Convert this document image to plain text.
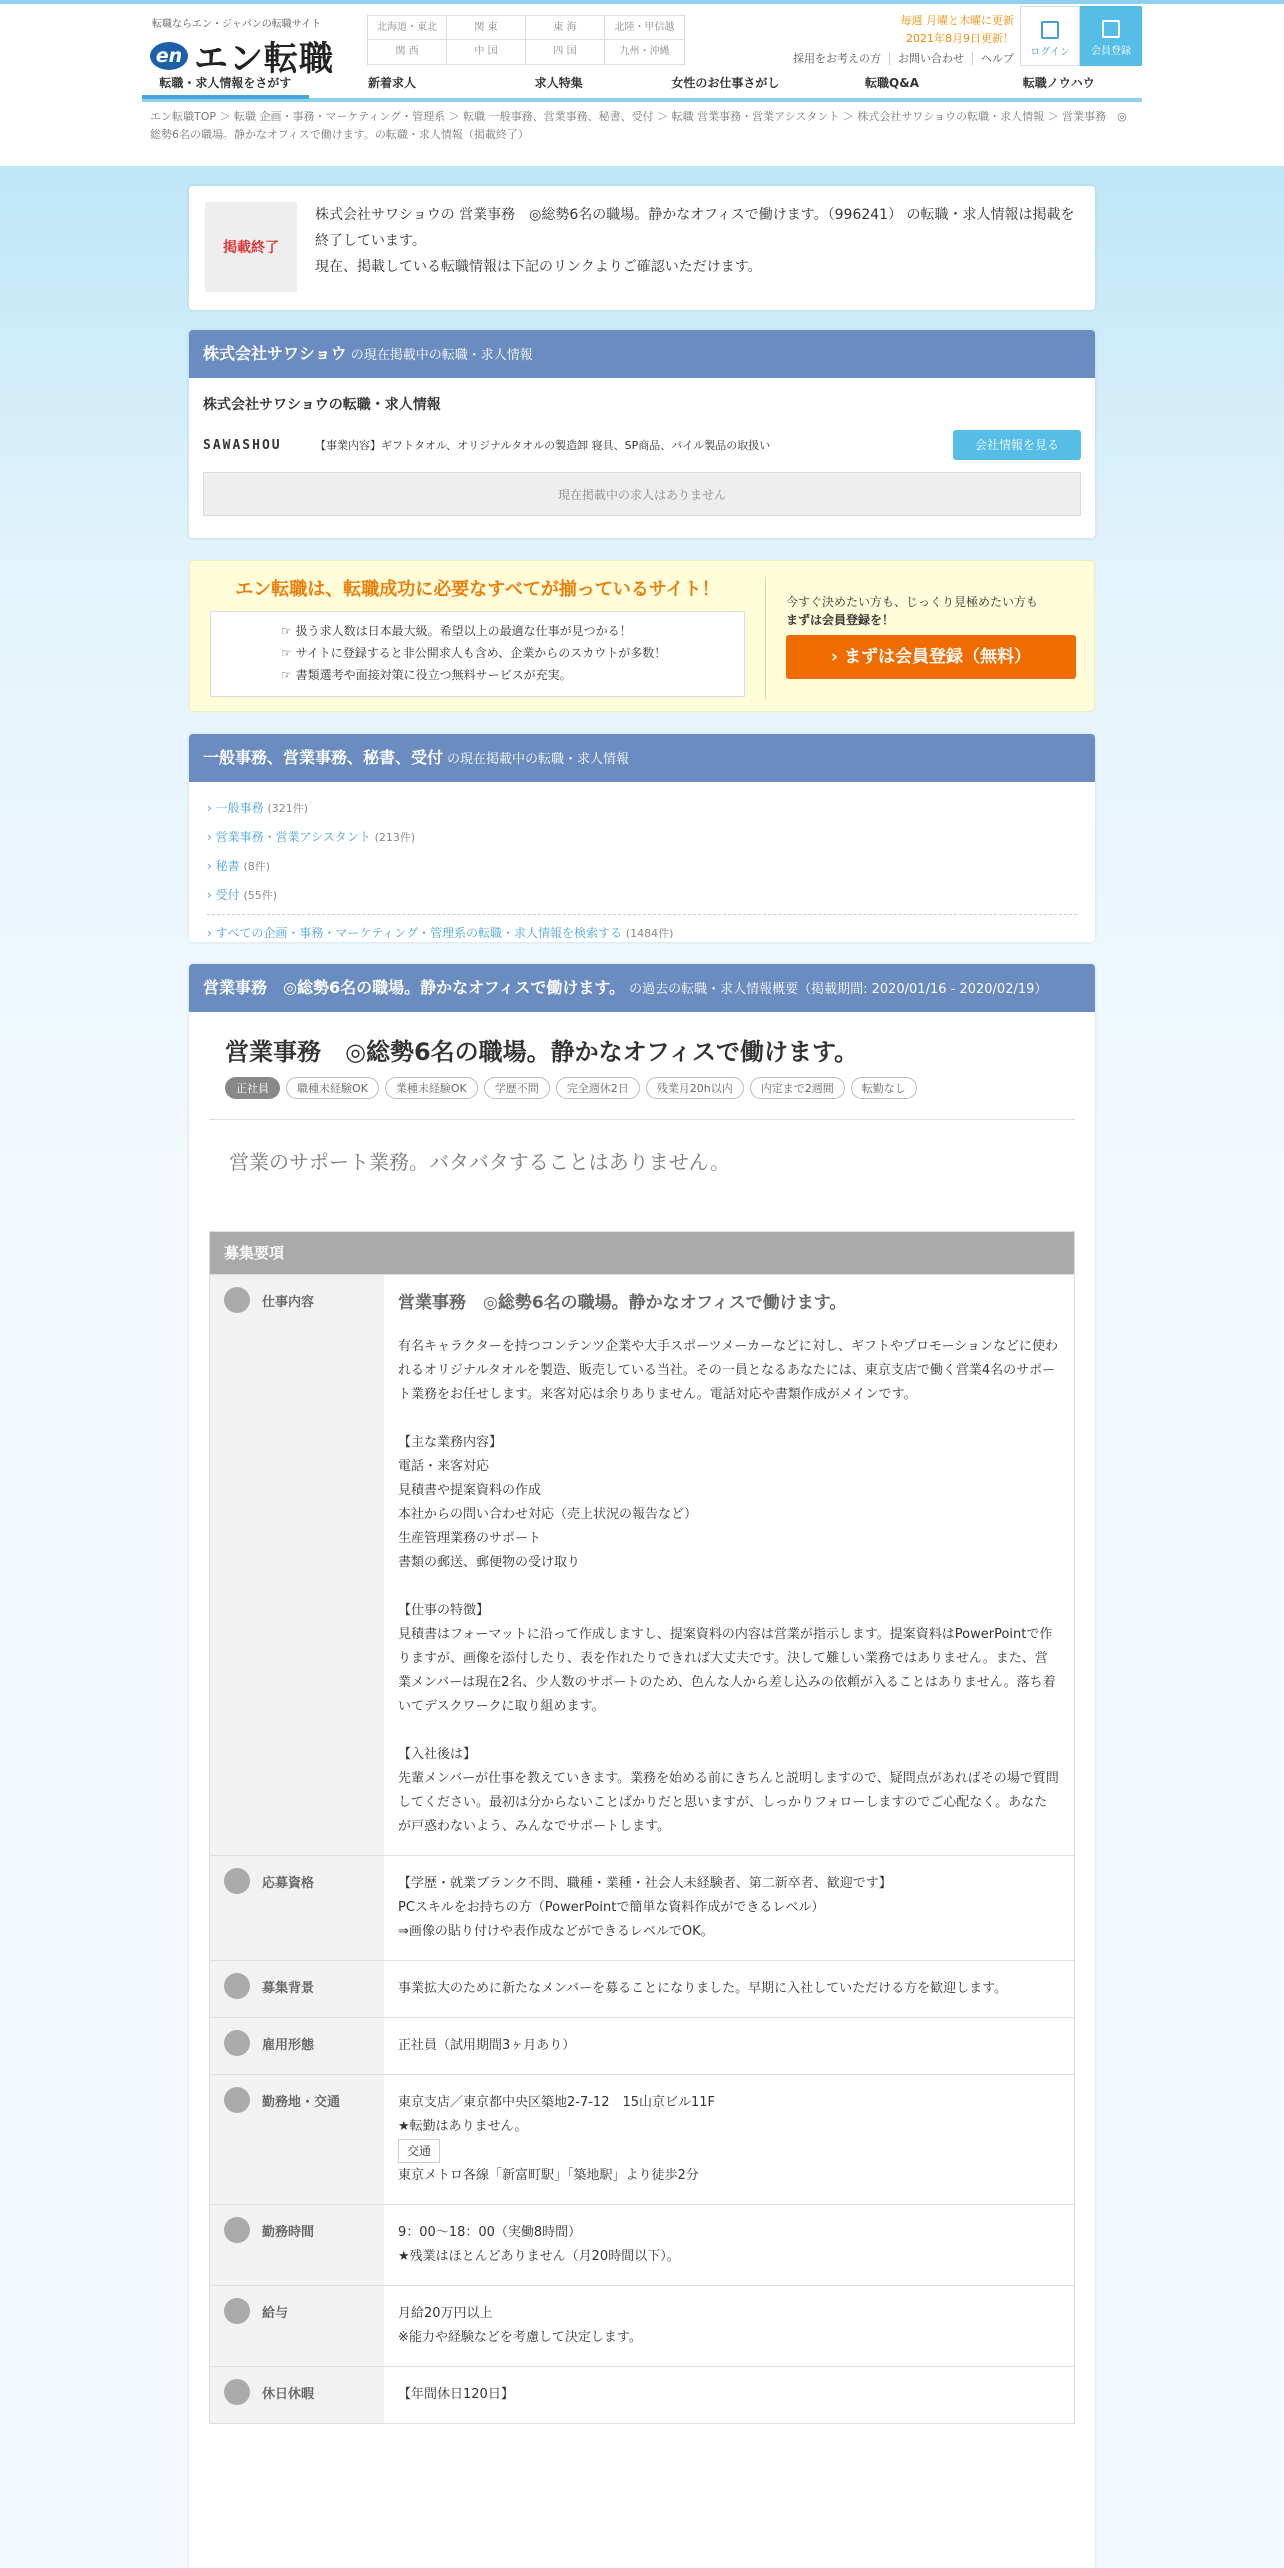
転職ならエン・ジャパンの転職サイト
en エン転職
北海道・東北	関 東	東 海	北陸・甲信越
関 西	中 国	四 国	九州・沖縄
毎週 月曜と木曜に更新
2021年8月9日更新！
採用をお考えの方 お問い合わせ ヘルプ	ログイン	会員登録
転職・求人情報をさがす	新着求人	求人特集	女性のお仕事さがし	転職Q&A	転職ノウハウ
エン転職TOP ＞ 転職 企画・事務・マーケティング・管理系 ＞ 転職 一般事務、営業事務、秘書、受付 ＞ 転職 営業事務・営業アシスタント ＞ 株式会社サワショウの転職・求人情報 ＞ 営業事務　◎総勢6名の職場。静かなオフィスで働けます。の転職・求人情報（掲載終了）
掲載終了
株式会社サワショウの 営業事務　◎総勢6名の職場。静かなオフィスで働けます。（996241） の転職・求人情報は掲載を終了しています。
現在、掲載している転職情報は下記のリンクよりご確認いただけます。
株式会社サワショウ の現在掲載中の転職・求人情報
株式会社サワショウの転職・求人情報
SAWASHOU	【事業内容】ギフトタオル、オリジナルタオルの製造卸 寝具、SP商品、パイル製品の取扱い	会社情報を見る
現在掲載中の求人はありません
エン転職は、転職成功に必要なすべてが揃っているサイト！
☞ 扱う求人数は日本最大級。希望以上の最適な仕事が見つかる！
☞ サイトに登録すると非公開求人も含め、企業からのスカウトが多数！
☞ 書類選考や面接対策に役立つ無料サービスが充実。
今すぐ決めたい方も、じっくり見極めたい方も
まずは会員登録を！
› まずは会員登録（無料）
一般事務、営業事務、秘書、受付 の現在掲載中の転職・求人情報
› 一般事務 (321件)
› 営業事務・営業アシスタント (213件)
› 秘書 (8件)
› 受付 (55件)

› すべての企画・事務・マーケティング・管理系の転職・求人情報を検索する (1484件)
営業事務　◎総勢6名の職場。静かなオフィスで働けます。 の過去の転職・求人情報概要（掲載期間: 2020/01/16 - 2020/02/19）
営業事務　◎総勢6名の職場。静かなオフィスで働けます。
正社員	職種未経験OK	業種未経験OK	学歴不問	完全週休2日	残業月20h以内	内定まで2週間	転勤なし
営業のサポート業務。バタバタすることはありません。
募集要項
仕事内容	営業事務　◎総勢6名の職場。静かなオフィスで働けます。
有名キャラクターを持つコンテンツ企業や大手スポーツメーカーなどに対し、ギフトやプロモーションなどに使われるオリジナルタオルを製造、販売している当社。その一員となるあなたには、東京支店で働く営業4名のサポート業務をお任せします。来客対応は余りありません。電話対応や書類作成がメインです。

【主な業務内容】
電話・来客対応
見積書や提案資料の作成
本社からの問い合わせ対応（売上状況の報告など）
生産管理業務のサポート
書類の郵送、郵便物の受け取り

【仕事の特徴】
見積書はフォーマットに沿って作成しますし、提案資料の内容は営業が指示します。提案資料はPowerPointで作りますが、画像を添付したり、表を作れたりできれば大丈夫です。決して難しい業務ではありません。また、営業メンバーは現在2名、少人数のサポートのため、色んな人から差し込みの依頼が入ることはありません。落ち着いてデスクワークに取り組めます。

【入社後は】
先輩メンバーが仕事を教えていきます。業務を始める前にきちんと説明しますので、疑問点があればその場で質問してください。最初は分からないことばかりだと思いますが、しっかりフォローしますのでご心配なく。あなたが戸惑わないよう、みんなでサポートします。
応募資格	【学歴・就業ブランク不問、職種・業種・社会人未経験者、第二新卒者、歓迎です】
PCスキルをお持ちの方（PowerPointで簡単な資料作成ができるレベル）
⇒画像の貼り付けや表作成などができるレベルでOK。
募集背景	事業拡大のために新たなメンバーを募ることになりました。早期に入社していただける方を歓迎します。
雇用形態	正社員（試用期間3ヶ月あり）
勤務地・交通	東京支店／東京都中央区築地2-7-12　15山京ビル11F
★転勤はありません。
交通
東京メトロ各線「新富町駅」「築地駅」より徒歩2分
勤務時間	9：00～18：00（実働8時間）
★残業はほとんどありません（月20時間以下）。
給与	月給20万円以上
※能力や経験などを考慮して決定します。
休日休暇	【年間休日120日】
